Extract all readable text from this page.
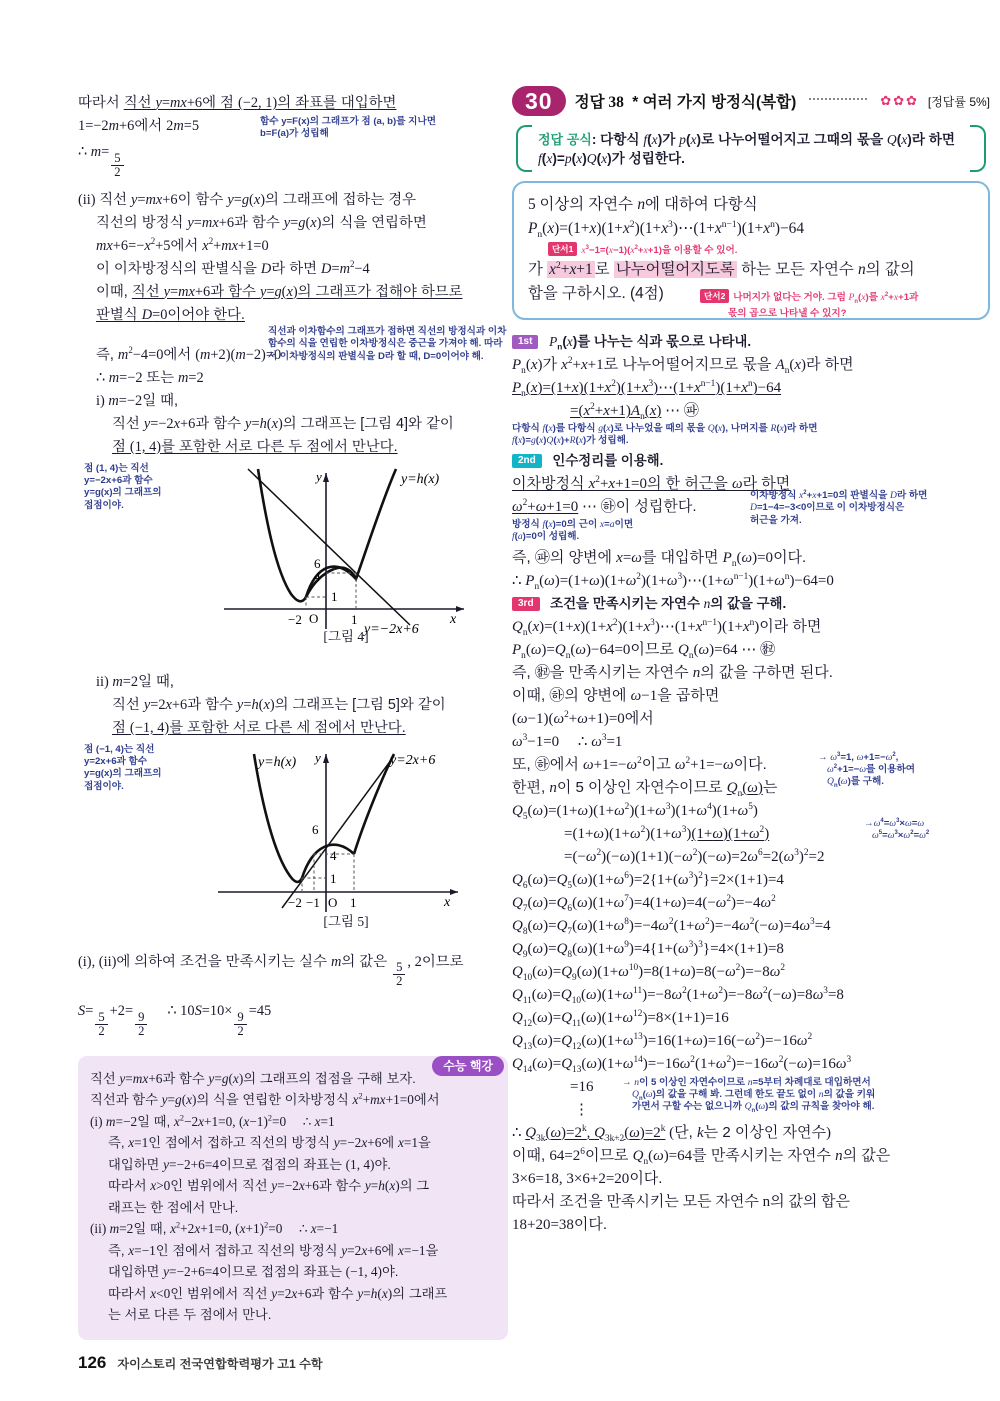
따라서 직선 y=mx+6에 점 (−2, 1)의 좌표를 대입하면
1=−2m+6에서 2m=5	함수 y=F(x)의 그래프가 점 (a, b)를 지나면
b=F(a)가 성립해
∴ $m= \frac{5}{2}$
(ii) 직선 y=mx+6이 함수 y=g(x)의 그래프에 접하는 경우
직선의 방정식 y=mx+6과 함수 y=g(x)의 식을 연립하면
$mx+6=-x^2+5$에서 $x^2+mx+1=0$
이 이차방정식의 판별식을 D라 하면 $D=m^2-4$
이때, 직선 y=mx+6과 함수 y=g(x)의 그래프가 접해야 하므로
판별식 D=0이어야 한다.
직선과 이차함수의 그래프가 접하면 직선의 방정식과 이차
함수의 식을 연립한 이차방정식은 중근을 가져야 해. 따라
서 이차방정식의 판별식을 D라 할 때, D=0이어야 해.
즉, $m^2-4=0$에서 (m+2)(m−2)=0
∴ m=−2 또는 m=2
i) m=−2일 때,
직선 y=−2x+6과 함수 y=h(x)의 그래프는 [그림 4]와 같이
점 (1, 4)를 포함한 서로 다른 두 점에서 만난다.
점 (1, 4)는 직선
y=−2x+6과 함수
y=g(x)의 그래프의
접점이야.
y=h(x)
y=−2x+6
y
x
O
−2	1
6
4
1
[그림 4]
ii) m=2일 때,
직선 y=2x+6과 함수 y=h(x)의 그래프는 [그림 5]와 같이
점 (−1, 4)를 포함한 서로 다른 세 점에서 만난다.
점 (−1, 4)는 직선
y=2x+6과 함수
y=g(x)의 그래프의
접점이야.
y=h(x)	y=2x+6
y
x
O
−2 −1 1
6
4
1
[그림 5]
(i), (ii)에 의하여 조건을 만족시키는 실수 m의 값은 $\frac{5}{2}$ , 2이므로
$S= \frac{5}{2} +2= \frac{9}{2}$ ∴ $10S=10\times \frac{9}{2} =45$
수능 핵강
직선 y=mx+6과 함수 y=g(x)의 그래프의 접점을 구해 보자.
직선과 함수 y=g(x)의 식을 연립한 이차방정식 $x^2+mx+1=0$에서
(i) m=−2일 때, $x^2-2x+1=0$, $(x-1)^2=0$     ∴ x=1
즉, x=1인 점에서 접하고 직선의 방정식 y=−2x+6에 x=1을
대입하면 y=−2+6=4이므로 접점의 좌표는 (1, 4)야.
따라서 x>0인 범위에서 직선 y=−2x+6과 함수 y=h(x)의 그
래프는 한 점에서 만나.
(ii) m=2일 때, $x^2+2x+1=0$, $(x+1)^2=0$     ∴ x=−1
즉, x=−1인 점에서 접하고 직선의 방정식 y=2x+6에 x=−1을
대입하면 y=−2+6=4이므로 접점의 좌표는 (−1, 4)야.
따라서 x<0인 범위에서 직선 y=2x+6과 함수 y=h(x)의 그래프
는 서로 다른 두 점에서 만나.
30	정답 38 * 여러 가지 방정식(복합)	✿✿✿ [정답률 5%]
정답 공식: 다항식 f(x)가 p(x)로 나누어떨어지고 그때의 몫을 Q(x)라 하면
f(x)=p(x)Q(x)가 성립한다.
5 이상의 자연수 n에 대하여 다항식
$P_n(x)=(1+x)(1+x^2)(1+x^3)\cdots(1+x^{n-1})(1+x^n)-64$
단서1 $x^3-1=(x-1)(x^2+x+1)$을 이용할 수 있어.
가 $x^2+x+1$ 로 나누어떨어지도록 하는 모든 자연수 n의 값의
합을 구하시오. (4점)	단서2 나머지가 없다는 거야. 그럼 $P_n(x)$를 $x^2+x+1$과
몫의 곱으로 나타낼 수 있지?
1st $P_n(x)$를 나누는 식과 몫으로 나타내.
$P_n(x)$가 $x^2+x+1$로 나누어떨어지므로 몫을 $A_n(x)$라 하면
$P_n(x)=(1+x)(1+x^2)(1+x^3)\cdots(1+x^{n-1})(1+x^n)-64$
$=(x^2+x+1)A_n(x)$ ⋯ ㉺
다항식 f(x)를 다항식 g(x)로 나누었을 때의 몫을 Q(x), 나머지를 R(x)라 하면
f(x)=g(x)Q(x)+R(x)가 성립해.
2nd 인수정리를 이용해.
이차방정식 $x^2+x+1=0$의 한 허근을 ω라 하면
$\omega^2+\omega+1=0$ ⋯ ㉻이 성립한다.
이차방정식 $x^2+x+1=0$의 판별식을 D라 하면
D=1−4=−3<0이므로 이 이차방정식은
허근을 가져.
방정식 f(x)=0의 근이 x=a이면
f(a)=0이 성립해.
즉, ㉺의 양변에 x=ω를 대입하면 $P_n(\omega)=0$이다.
∴ $P_n(\omega)=(1+\omega)(1+\omega^2)(1+\omega^3)\cdots(1+\omega^{n-1})(1+\omega^n)-64=0$
3rd 조건을 만족시키는 자연수 n의 값을 구해.
$Q_n(x)=(1+x)(1+x^2)(1+x^3)\cdots(1+x^{n-1})(1+x^n)$이라 하면
$P_n(\omega)=Q_n(\omega)-64=0$이므로 $Q_n(\omega)=64$ ⋯ ㉼
즉, ㉼을 만족시키는 자연수 n의 값을 구하면 된다.
이때, ㉻의 양변에 ω−1을 곱하면
$(\omega-1)(\omega^2+\omega+1)=0$에서
$\omega^3-1=0$     ∴ $\omega^3=1$
또, ㉻에서 $\omega+1=-\omega^2$이고 $\omega^2+1=-\omega$이다.	→ $\omega^3=1$, $\omega+1=-\omega^2$,
$\omega^2+1=-\omega$를 이용하여
$Q_n(\omega)$를 구해.
한편, n이 5 이상인 자연수이므로 $Q_n(\omega)$는
$Q_5(\omega)=(1+\omega)(1+\omega^2)(1+\omega^3)(1+\omega^4)(1+\omega^5)$
$=(1+\omega)(1+\omega^2)(1+\omega^3)(1+\omega)(1+\omega^2)$
$\to\omega^4=\omega^3\times\omega=\omega$
$\omega^5=\omega^3\times\omega^2=\omega^2$
$=(-\omega^2)(-\omega)(1+1)(-\omega^2)(-\omega)=2\omega^6=2(\omega^3)^2=2$
$Q_6(\omega)=Q_5(\omega)(1+\omega^6)=2\{1+(\omega^3)^2\}=2\times(1+1)=4$
$Q_7(\omega)=Q_6(\omega)(1+\omega^7)=4(1+\omega)=4(-\omega^2)=-4\omega^2$
$Q_8(\omega)=Q_7(\omega)(1+\omega^8)=-4\omega^2(1+\omega^2)=-4\omega^2(-\omega)=4\omega^3=4$
$Q_9(\omega)=Q_8(\omega)(1+\omega^9)=4\{1+(\omega^3)^3\}=4\times(1+1)=8$
$Q_{10}(\omega)=Q_9(\omega)(1+\omega^{10})=8(1+\omega)=8(-\omega^2)=-8\omega^2$
$Q_{11}(\omega)=Q_{10}(\omega)(1+\omega^{11})=-8\omega^2(1+\omega^2)=-8\omega^2(-\omega)=8\omega^3=8$
$Q_{12}(\omega)=Q_{11}(\omega)(1+\omega^{12})=8\times(1+1)=16$
$Q_{13}(\omega)=Q_{12}(\omega)(1+\omega^{13})=16(1+\omega)=16(-\omega^2)=-16\omega^2$
$Q_{14}(\omega)=Q_{13}(\omega)(1+\omega^{14})=-16\omega^2(1+\omega^2)=-16\omega^2(-\omega)=16\omega^3$
=16	→ n이 5 이상인 자연수이므로 n=5부터 차례대로 대입하면서
$Q_n(\omega)$의 값을 구해 봐. 그런데 한도 끝도 없이 n의 값을 키워
가면서 구할 수는 없으니까 $Q_n(\omega)$의 값의 규칙을 찾아야 해.
⋮
∴ $Q_{3k}(\omega)=2^k$, $Q_{3k+2}(\omega)=2^k$ (단, k는 2 이상인 자연수)
이때, $64=2^6$이므로 $Q_n(\omega)=64$를 만족시키는 자연수 n의 값은
3×6=18, 3×6+2=20이다.
따라서 조건을 만족시키는 모든 자연수 n의 값의 합은
18+20=38이다.
126 자이스토리 전국연합학력평가 고1 수학
